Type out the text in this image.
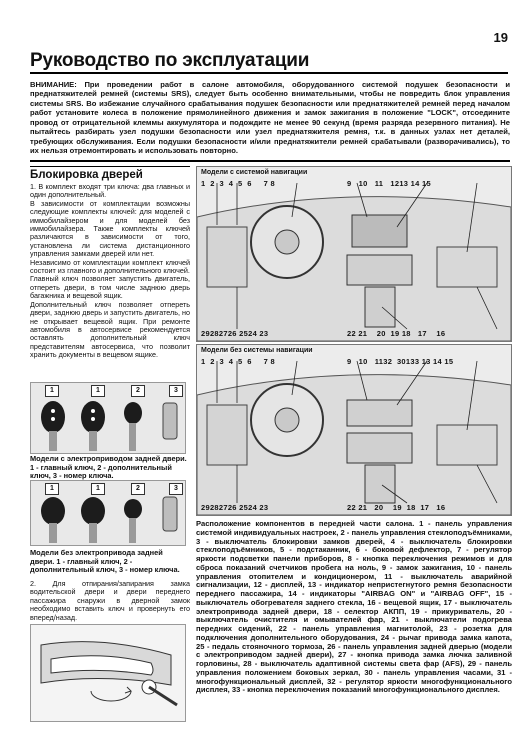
19
Руководство по эксплуатации
ВНИМАНИЕ: При проведении работ в салоне автомобиля, оборудованного системой подушек безопасности и преднатяжителей ремней (системы SRS), следует быть особенно внимательными, чтобы не повредить блок управления системы SRS. Во избежание случайного срабатывания подушек безопасности или преднатяжителей ремней перед началом работ установите колеса в положение прямолинейного движения и замок зажигания в положение "LOCK", отсоедините провод от отрицательной клеммы аккумулятора и подождите не менее 90 секунд (время разряда резервного питания). Не пытайтесь разбирать узел подушки безопасности или узел преднатяжителя ремня, т.к. в данных узлах нет деталей, требующих обслуживания. Если подушки безопасности и/или преднатяжители ремней срабатывали (разворачивались), то их нельзя отремонтировать и использовать повторно.
Блокировка дверей

1. В комплект входят три ключа: два главных и один дополнительный.

В зависимости от комплектации возможны следующие комплекты ключей: для моделей с иммобилайзером и для моделей без иммобилайзера. Также комплекты ключей различаются в зависимости от того, установлена ли система дистанционного управления замками дверей или нет.

Независимо от комплектации комплект ключей состоит из главного и дополнительного ключей.

Главный ключ позволяет запустить двигатель, отпереть двери, в том числе заднюю дверь багажника и вещевой ящик.

Дополнительный ключ позволяет отпереть двери, заднюю дверь и запустить двигатель, но не открывает вещевой ящик. При ремонте автомобиля в автосервисе рекомендуется оставлять дополнительный ключ представителям автосервиса, что позволит хранить документы в вещевом ящике.

1	1	2	3
Модели с электроприводом задней двери. 1 - главный ключ, 2 - дополнительный ключ, 3 - номер ключа.
1	1	2	3
Модели без электропривода задней двери. 1 - главный ключ, 2 - дополнительный ключ, 3 - номер ключа.
2. Для отпирания/запирания замка водительской двери и двери переднего пассажира снаружи в дверной замок необходимо вставить ключ и провернуть его вперед/назад.
Модели с системой навигации
1  2  3  4  5  6     7 8	9   10   11   1213 14 15
29282726 2524 23	22 21    20  19 18   17    16
Модели без системы навигации
1  2  3  4  5  6     7 8	9   10   1132  30133 13 14 15
29282726 2524 23	22 21   20    19  18  17   16
Расположение компонентов в передней части салона. 1 - панель управления системой индивидуальных настроек, 2 - панель управления стеклоподъёмниками, 3 - выключатель блокировки замков дверей, 4 - выключатель блокировки стеклоподъёмников, 5 - подстаканник, 6 - боковой дефлектор, 7 - регулятор яркости подсветки панели приборов, 8 - кнопка переключения режимов и для сброса показаний счетчиков пробега на ноль, 9 - замок зажигания, 10 - панель управления отопителем и кондиционером, 11 - выключатель аварийной сигнализации, 12 - дисплей, 13 - индикатор непристегнутого ремня безопасности переднего пассажира, 14 - индикаторы "AIRBAG ON" и "AIRBAG OFF", 15 - выключатель обогревателя заднего стекла, 16 - вещевой ящик, 17 - выключатель электропривода задней двери, 18 - селектор АКПП, 19 - прикуриватель, 20 - выключатель очистителя и омывателей фар, 21 - выключатели подогрева передних сидений, 22 - панель управления магнитолой, 23 - розетка для подключения дополнительного оборудования, 24 - рычаг привода замка капота, 25 - педаль стояночного тормоза, 26 - панель управления задней дверью (модели с электроприводом задней двери), 27 - кнопка привода замка лючка заливной горловины, 28 - выключатель адаптивной системы света фар (AFS), 29 - панель управления положением боковых зеркал, 30 - панель управления часами, 31 - многофункциональный дисплей, 32 - регулятор яркости многофункционального дисплея, 33 - кнопка переключения показаний многофункционального дисплея.
